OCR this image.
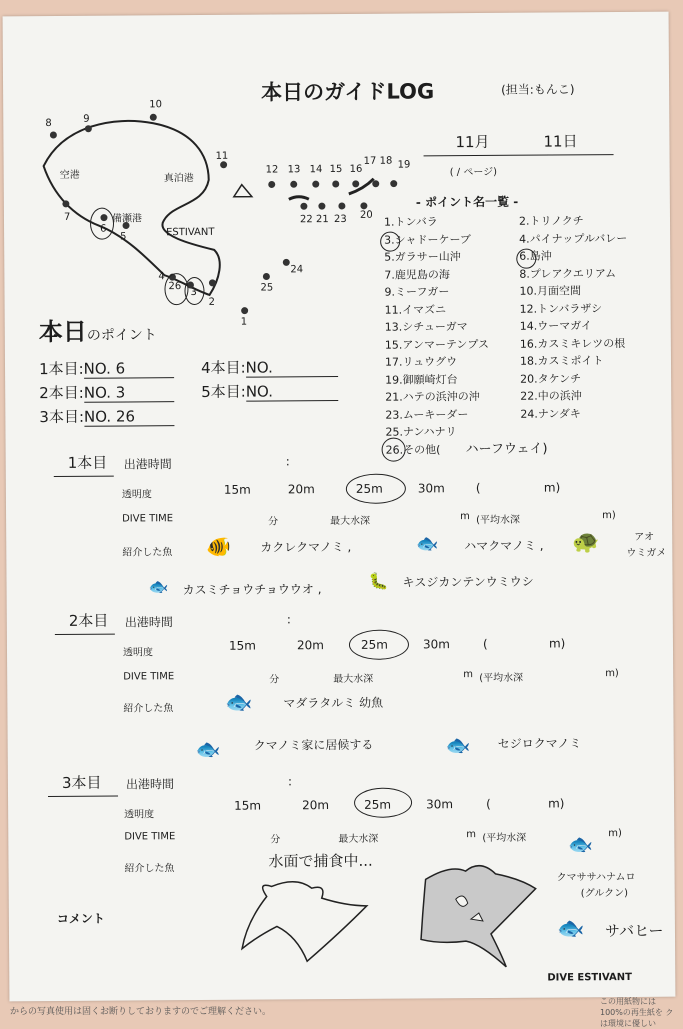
本日のガイドLOG	(担当:もんこ)
11月	11日
( / ページ)
空港	真泊港
備瀬港
ESTIVANT
8	9
10
11
12 13 14 15 16
17 18 19
7
6
5
4
26
3
2
25
24
1
20
21
22 23
- ポイント名一覧 -
1.トンバラ	2.トリノクチ
3.シャドーケーブ	4.パイナップルバレー
5.ガラサー山沖	6.島沖
7.鹿児島の海	8.プレアクエリアム
9.ミーフガー	10.月面空間
11.イマズニ	12.トンバラザシ
13.シチューガマ	14.ウーマガイ
15.アンマーテンプス	16.カスミキレツの根
17.リュウグウ	18.カスミポイト
19.御願崎灯台	20.タケンチ
21.ハテの浜沖の沖	22.中の浜沖
23.ムーキーダー	24.ナンダキ
25.ナンハナリ
26.その他(	ハーフウェイ)
本日のポイント
1本目:NO. 6
2本目:NO. 3
3本目:NO. 26
4本目:NO.
5本目:NO.
1本目 出港時間	:
透明度	15m	20m	25m	30m	(	m)
DIVE TIME	分	最大水深	m (平均水深	m)
紹介した魚	カクレクマノミ ,	ハマクマノミ ,
アオ
ウミガメ
カスミチョウチョウウオ ,
キスジカンテンウミウシ
🐠	🐟	🐢
🐟	🐛
2本目 出港時間	:
透明度
15m	20m	25m	30m	(	m)
DIVE TIME	分	最大水深	m (平均水深	m)
紹介した魚 🐟	マダラタルミ 幼魚
🐟	クマノミ家に居候する	🐟 セジロクマノミ
3本目 出港時間	:
透明度
15m	20m	25m	30m	(	m)
DIVE TIME	分	最大水深	m (平均水深	m)
紹介した魚	水面で捕食中...
🐟
クマササハナムロ
(グルクン)
🐟 サバヒー
コメント
DIVE ESTIVANT
からの写真使用は固くお断りしておりますのでご理解ください。
この用紙物には 100%の再生紙を クは環境に優しい
